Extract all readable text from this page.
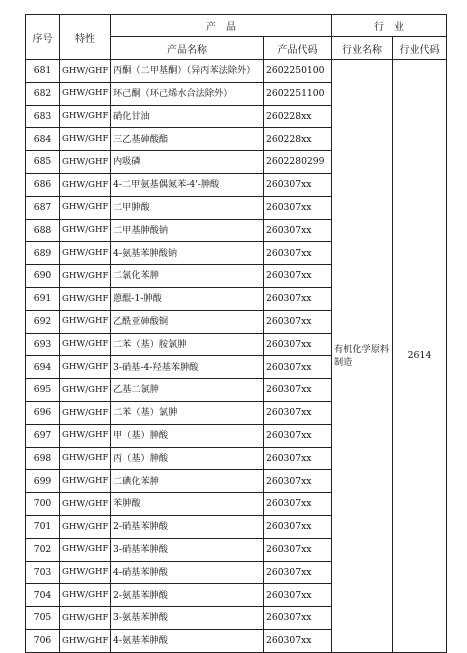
序号	特性	产　品		行　业	
		产品名称	产品代码	行业名称	行业代码
681	GHW/GHF	丙酮（二甲基酮）（异丙苯法除外）	2602250100	有机化学原料制造	2614
682	GHW/GHF	环己酮（环己烯水合法除外）	2602251100		
683	GHW/GHF	硝化甘油	260228xx		
684	GHW/GHF	三乙基砷酸酯	260228xx		
685	GHW/GHF	内吸磷	2602280299		
686	GHW/GHF	4-二甲氨基偶氮苯-4'-胂酸	260307xx		
687	GHW/GHF	二甲胂酸	260307xx		
688	GHW/GHF	二甲基胂酸钠	260307xx		
689	GHW/GHF	4-氨基苯胂酸钠	260307xx		
690	GHW/GHF	二氯化苯胂	260307xx		
691	GHW/GHF	蒽醌-1-胂酸	260307xx		
692	GHW/GHF	乙酰亚砷酸铜	260307xx		
693	GHW/GHF	二苯（基）胺氯胂	260307xx		
694	GHW/GHF	3-硝基-4-羟基苯胂酸	260307xx		
695	GHW/GHF	乙基二氯胂	260307xx		
696	GHW/GHF	二苯（基）氯胂	260307xx		
697	GHW/GHF	甲（基）胂酸	260307xx		
698	GHW/GHF	丙（基）胂酸	260307xx		
699	GHW/GHF	二碘化苯胂	260307xx		
700	GHW/GHF	苯胂酸	260307xx		
701	GHW/GHF	2-硝基苯胂酸	260307xx		
702	GHW/GHF	3-硝基苯胂酸	260307xx		
703	GHW/GHF	4-硝基苯胂酸	260307xx		
704	GHW/GHF	2-氨基苯胂酸	260307xx		
705	GHW/GHF	3-氨基苯胂酸	260307xx		
706	GHW/GHF	4-氨基苯胂酸	260307xx		
